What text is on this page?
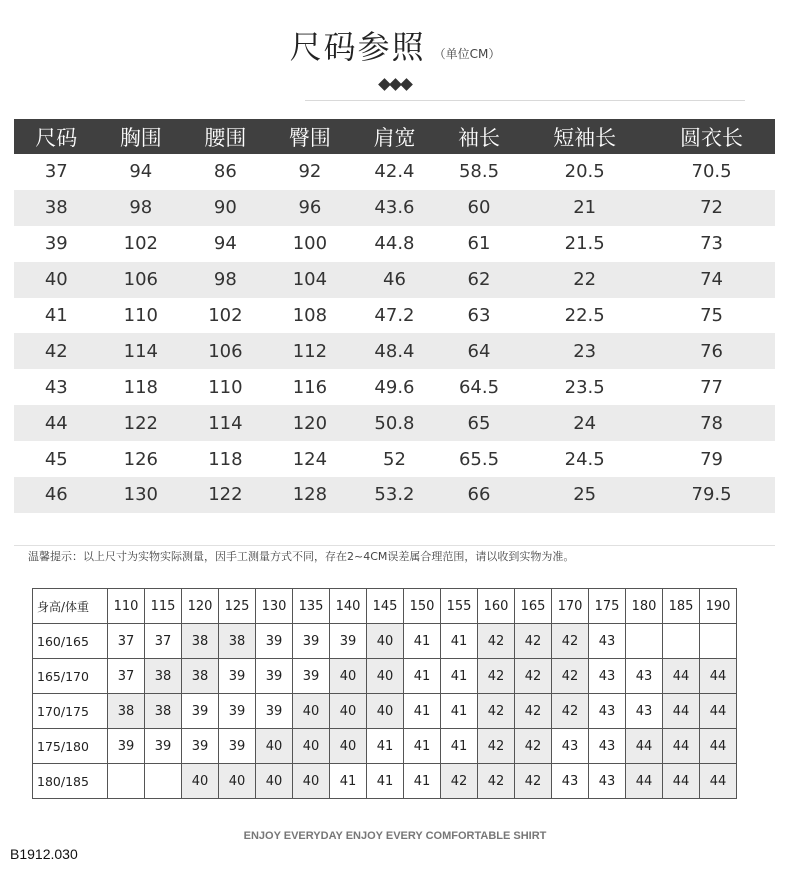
尺码参照 （单位CM）
尺码	胸围	腰围	臀围	肩宽	袖长	短袖长	圆衣长
37	94	86	92	42.4	58.5	20.5	70.5
38	98	90	96	43.6	60	21	72
39	102	94	100	44.8	61	21.5	73
40	106	98	104	46	62	22	74
41	110	102	108	47.2	63	22.5	75
42	114	106	112	48.4	64	23	76
43	118	110	116	49.6	64.5	23.5	77
44	122	114	120	50.8	65	24	78
45	126	118	124	52	65.5	24.5	79
46	130	122	128	53.2	66	25	79.5
温馨提示：以上尺寸为实物实际测量，因手工测量方式不同，存在2~4CM误差属合理范围，请以收到实物为准。
身高/体重	110	115	120	125	130	135	140	145	150	155	160	165	170	175	180	185	190
160/165	37	37	38	38	39	39	39	40	41	41	42	42	42	43			
165/170	37	38	38	39	39	39	40	40	41	41	42	42	42	43	43	44	44
170/175	38	38	39	39	39	40	40	40	41	41	42	42	42	43	43	44	44
175/180	39	39	39	39	40	40	40	41	41	41	42	42	43	43	44	44	44
180/185			40	40	40	40	41	41	41	42	42	42	43	43	44	44	44
ENJOY EVERYDAY ENJOY EVERY COMFORTABLE SHIRT
B1912.030
